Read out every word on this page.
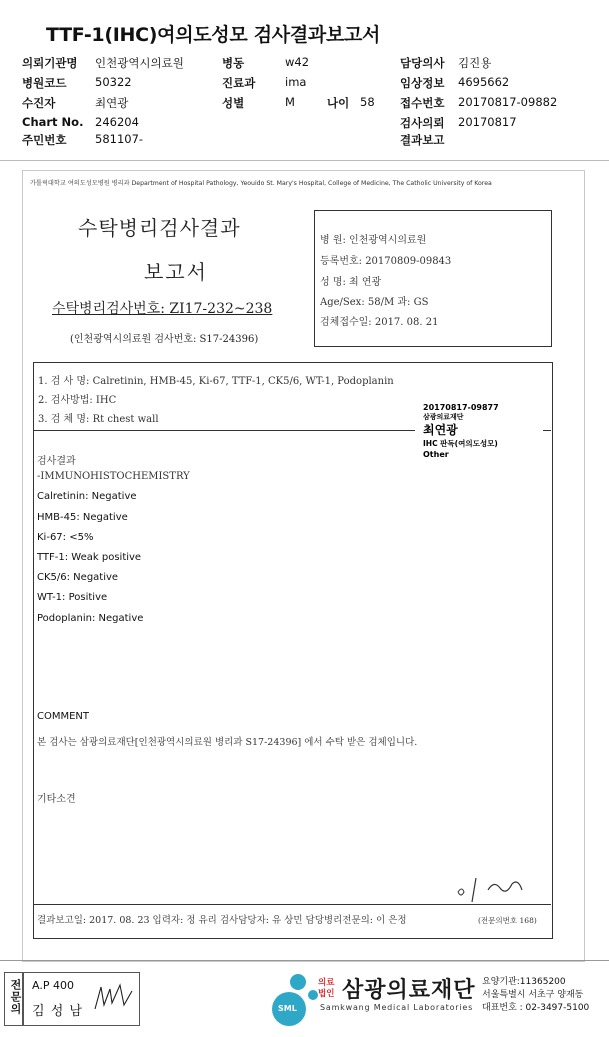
TTF-1(IHC)여의도성모 검사결과보고서
의뢰기관명 인천광역시의료원
병원코드 50322
수진자	최연광
Chart No. 246204
주민번호 581107-
병동	w42
진료과	ima
성별	M	나이 58
담당의사 김진용
임상정보 4695662
접수번호 20170817-09882
검사의뢰 20170817
결과보고
가톨릭대학교 여의도성모병원 병리과 Department of Hospital Pathology, Yeouido St. Mary's Hospital, College of Medicine, The Catholic University of Korea
수탁병리검사결과
보고서
수탁병리검사번호: ZI17-232~238
(인천광역시의료원 검사번호: S17-24396)
병 원: 인천광역시의료원
등록번호: 20170809-09843
성 명: 최 연광
Age/Sex: 58/M 과: GS
검체접수일: 2017. 08. 21
1. 검 사 명: Calretinin, HMB-45, Ki-67, TTF-1, CK5/6, WT-1, Podoplanin
2. 검사방법: IHC
3. 검 체 명: Rt chest wall
20170817-09877
삼광의료재단
최연광
IHC 판독(여의도성모)
Other
검사결과
-IMMUNOHISTOCHEMISTRY
Calretinin: Negative
HMB-45: Negative
Ki-67: <5%
TTF-1: Weak positive
CK5/6: Negative
WT-1: Positive
Podoplanin: Negative
COMMENT
본 검사는 삼광의료재단[인천광역시의료원 병리과 S17-24396] 에서 수탁 받은 검체입니다.
기타소견
결과보고일: 2017. 08. 23 입력자: 정 유리 검사담당자: 유 상민 담당병리전문의: 이 은정	(전문의번호 168)
전문의 A.P 400
김 성 남	SML
의료
법인 삼광의료재단
Samkwang Medical Laboratories
요양기관:11365200
서울특별시 서초구 양재동
대표번호 : 02-3497-5100
